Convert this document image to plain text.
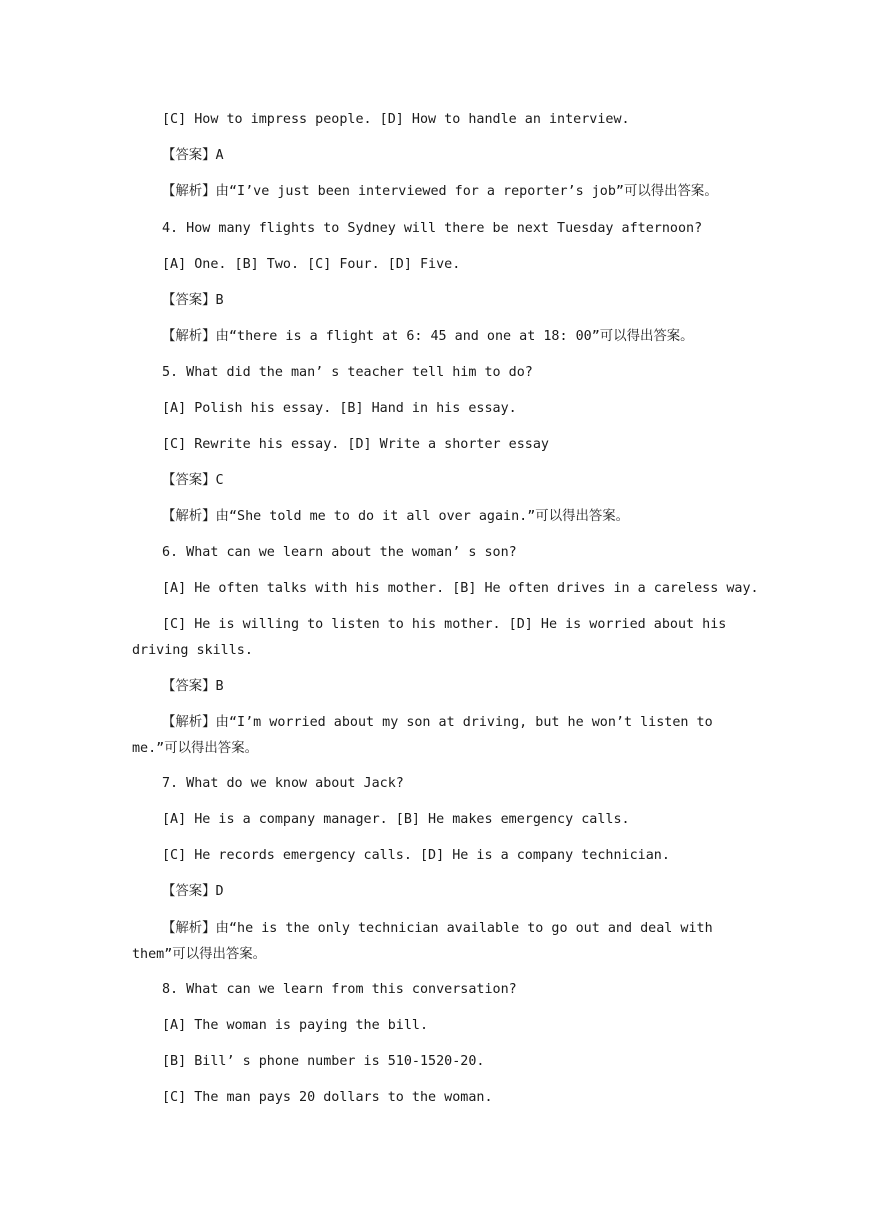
[C] How to impress people. [D] How to handle an interview.
【答案】A
【解析】由“I’ve just been interviewed for a reporter’s job”可以得出答案。
4. How many flights to Sydney will there be next Tuesday afternoon?
[A] One. [B] Two. [C] Four. [D] Five.
【答案】B
【解析】由“there is a flight at 6: 45 and one at 18: 00”可以得出答案。
5. What did the man’ s teacher tell him to do?
[A] Polish his essay. [B] Hand in his essay.
[C] Rewrite his essay. [D] Write a shorter essay
【答案】C
【解析】由“She told me to do it all over again.”可以得出答案。
6. What can we learn about the woman’ s son?
[A] He often talks with his mother. [B] He often drives in a careless way.
[C] He is willing to listen to his mother. [D] He is worried about his driving skills.
【答案】B
【解析】由“I’m worried about my son at driving, but he won’t listen to me.”可以得出答案。
7. What do we know about Jack?
[A] He is a company manager. [B] He makes emergency calls.
[C] He records emergency calls. [D] He is a company technician.
【答案】D
【解析】由“he is the only technician available to go out and deal with them”可以得出答案。
8. What can we learn from this conversation?
[A] The woman is paying the bill.
[B] Bill’ s phone number is 510-1520-20.
[C] The man pays 20 dollars to the woman.
